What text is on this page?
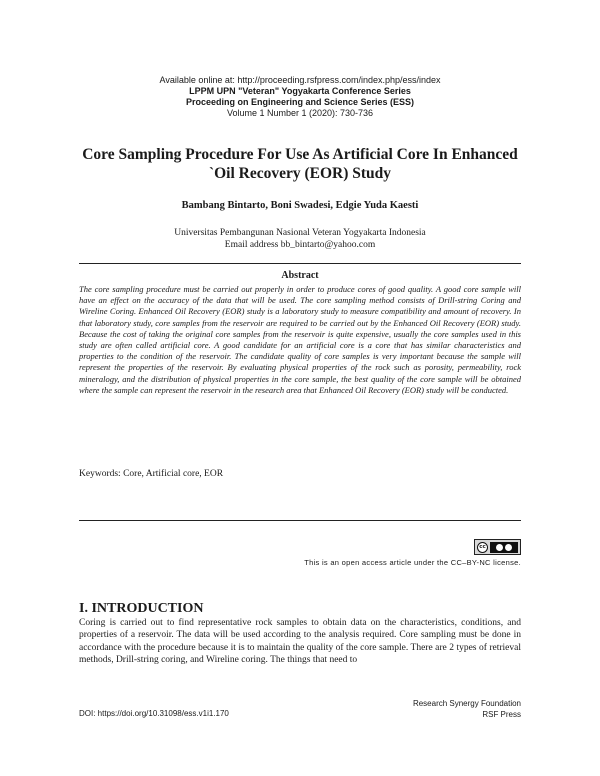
Available online at: http://proceeding.rsfpress.com/index.php/ess/index
LPPM UPN "Veteran" Yogyakarta Conference Series
Proceeding on Engineering and Science Series (ESS)
Volume 1 Number 1 (2020): 730-736
Core Sampling Procedure For Use As Artificial Core In Enhanced
`Oil Recovery (EOR) Study
Bambang Bintarto, Boni Swadesi, Edgie Yuda Kaesti
Universitas Pembangunan Nasional Veteran Yogyakarta Indonesia
Email address bb_bintarto@yahoo.com
Abstract

The core sampling procedure must be carried out properly in order to produce cores of good quality. A good core sample will have an effect on the accuracy of the data that will be used. The core sampling method consists of Drill-string Coring and Wireline Coring. Enhanced Oil Recovery (EOR) study is a laboratory study to measure compatibility and amount of recovery. In that laboratory study, core samples from the reservoir are required to be carried out by the Enhanced Oil Recovery (EOR) study. Because the cost of taking the original core samples from the reservoir is quite expensive, usually the core samples used in this study are often called artificial core. A good candidate for an artificial core is a core that has similar characteristics and properties to the condition of the reservoir. The candidate quality of core samples is very important because the sample will represent the properties of the reservoir. By evaluating physical properties of the rock such as porosity, permeability, rock mineralogy, and the distribution of physical properties in the core sample, the best quality of the core sample will be obtained where the sample can represent the reservoir in the research area that Enhanced Oil Recovery (EOR) study will be conducted.

Keywords: Core, Artificial core, EOR
cc
This is an open access article under the CC–BY-NC license.
I. INTRODUCTION

Coring is carried out to find representative rock samples to obtain data on the characteristics, conditions, and properties of a reservoir. The data will be used according to the analysis required. Core sampling must be done in accordance with the procedure because it is to maintain the quality of the core sample. There are 2 types of retrieval methods, Drill-string coring, and Wireline coring. The things that need to

Research Synergy Foundation
RSF Press
DOI: https://doi.org/10.31098/ess.v1i1.170
